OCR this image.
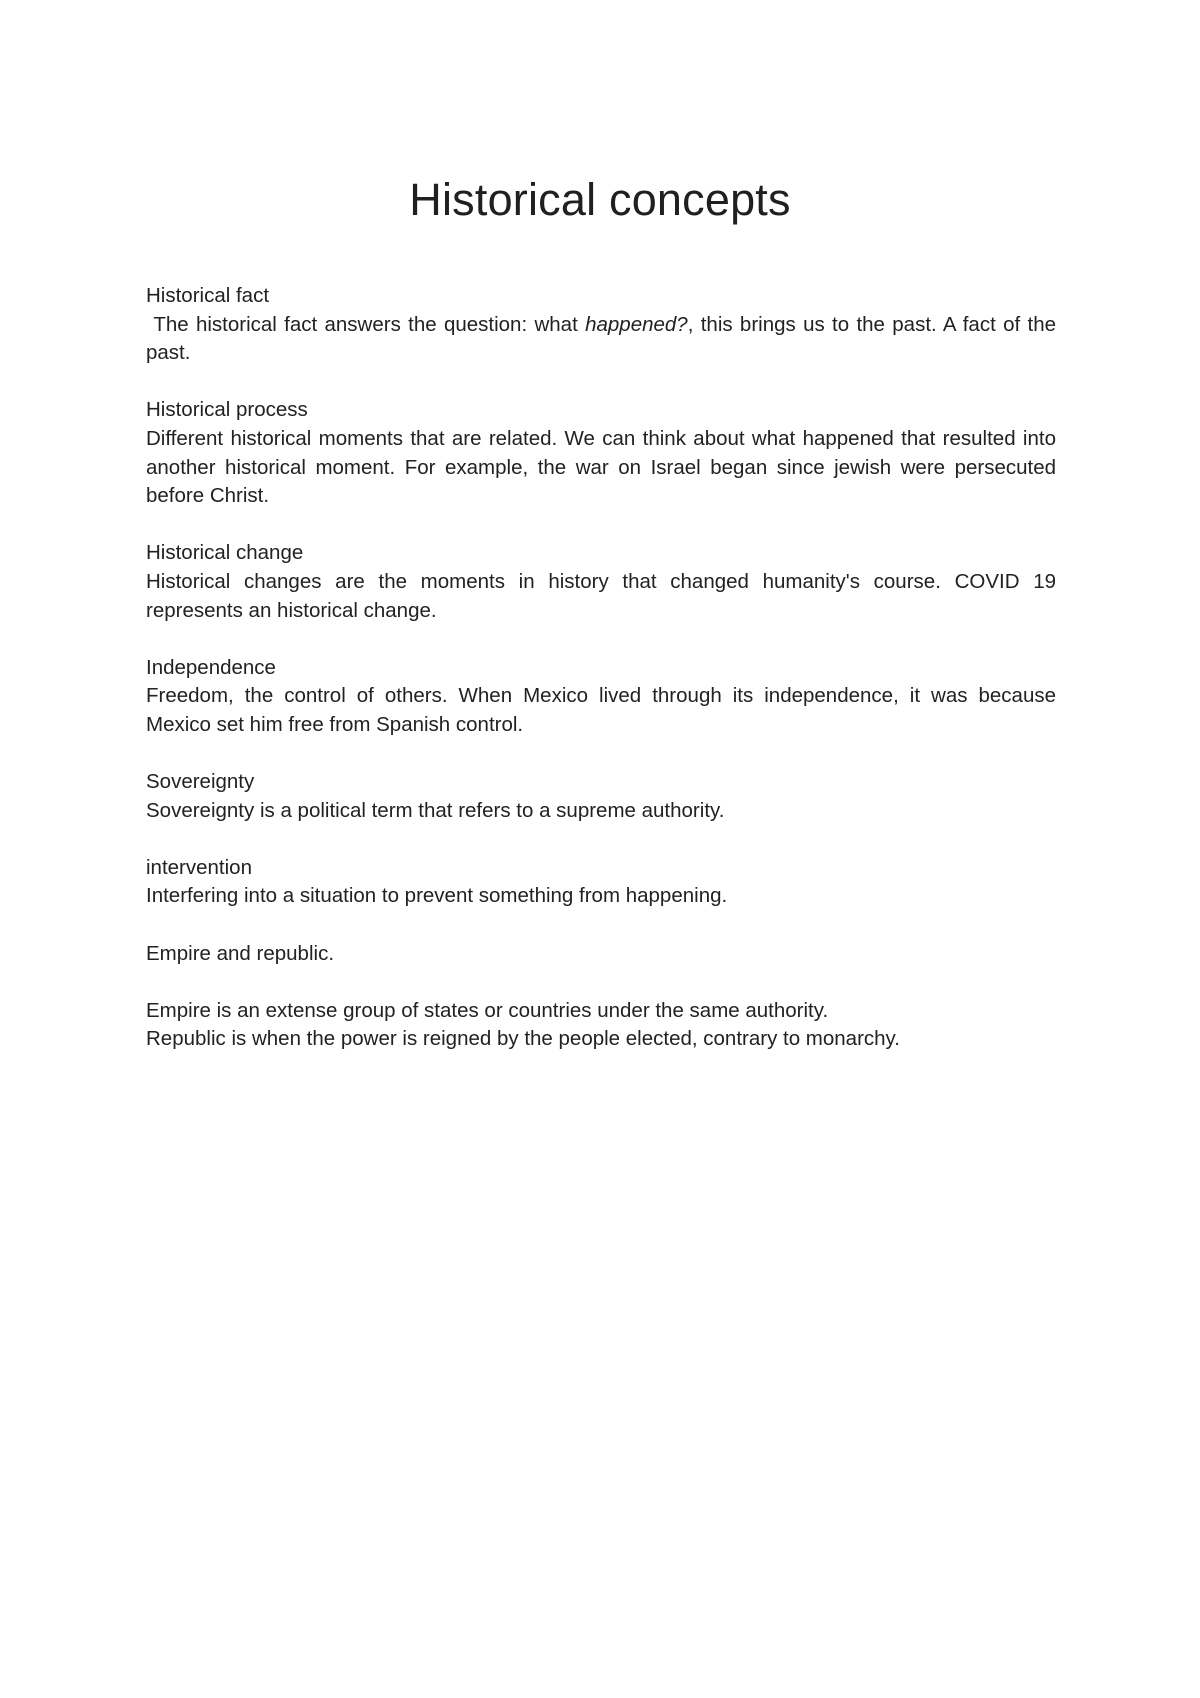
Historical concepts
Historical fact

The historical fact answers the question: what happened?, this brings us to the past. A fact of the past.

Historical process

Different historical moments that are related. We can think about what happened that resulted into another historical moment. For example, the war on Israel began since jewish were persecuted before Christ.

Historical change

Historical changes are the moments in history that changed humanity's course. COVID 19 represents an historical change.

Independence

Freedom, the control of others. When Mexico lived through its independence, it was because Mexico set him free from Spanish control.

Sovereignty

Sovereignty is a political term that refers to a supreme authority.

intervention

Interfering into a situation to prevent something from happening.

Empire and republic.

Empire is an extense group of states or countries under the same authority.

Republic is when the power is reigned by the people elected, contrary to monarchy.
